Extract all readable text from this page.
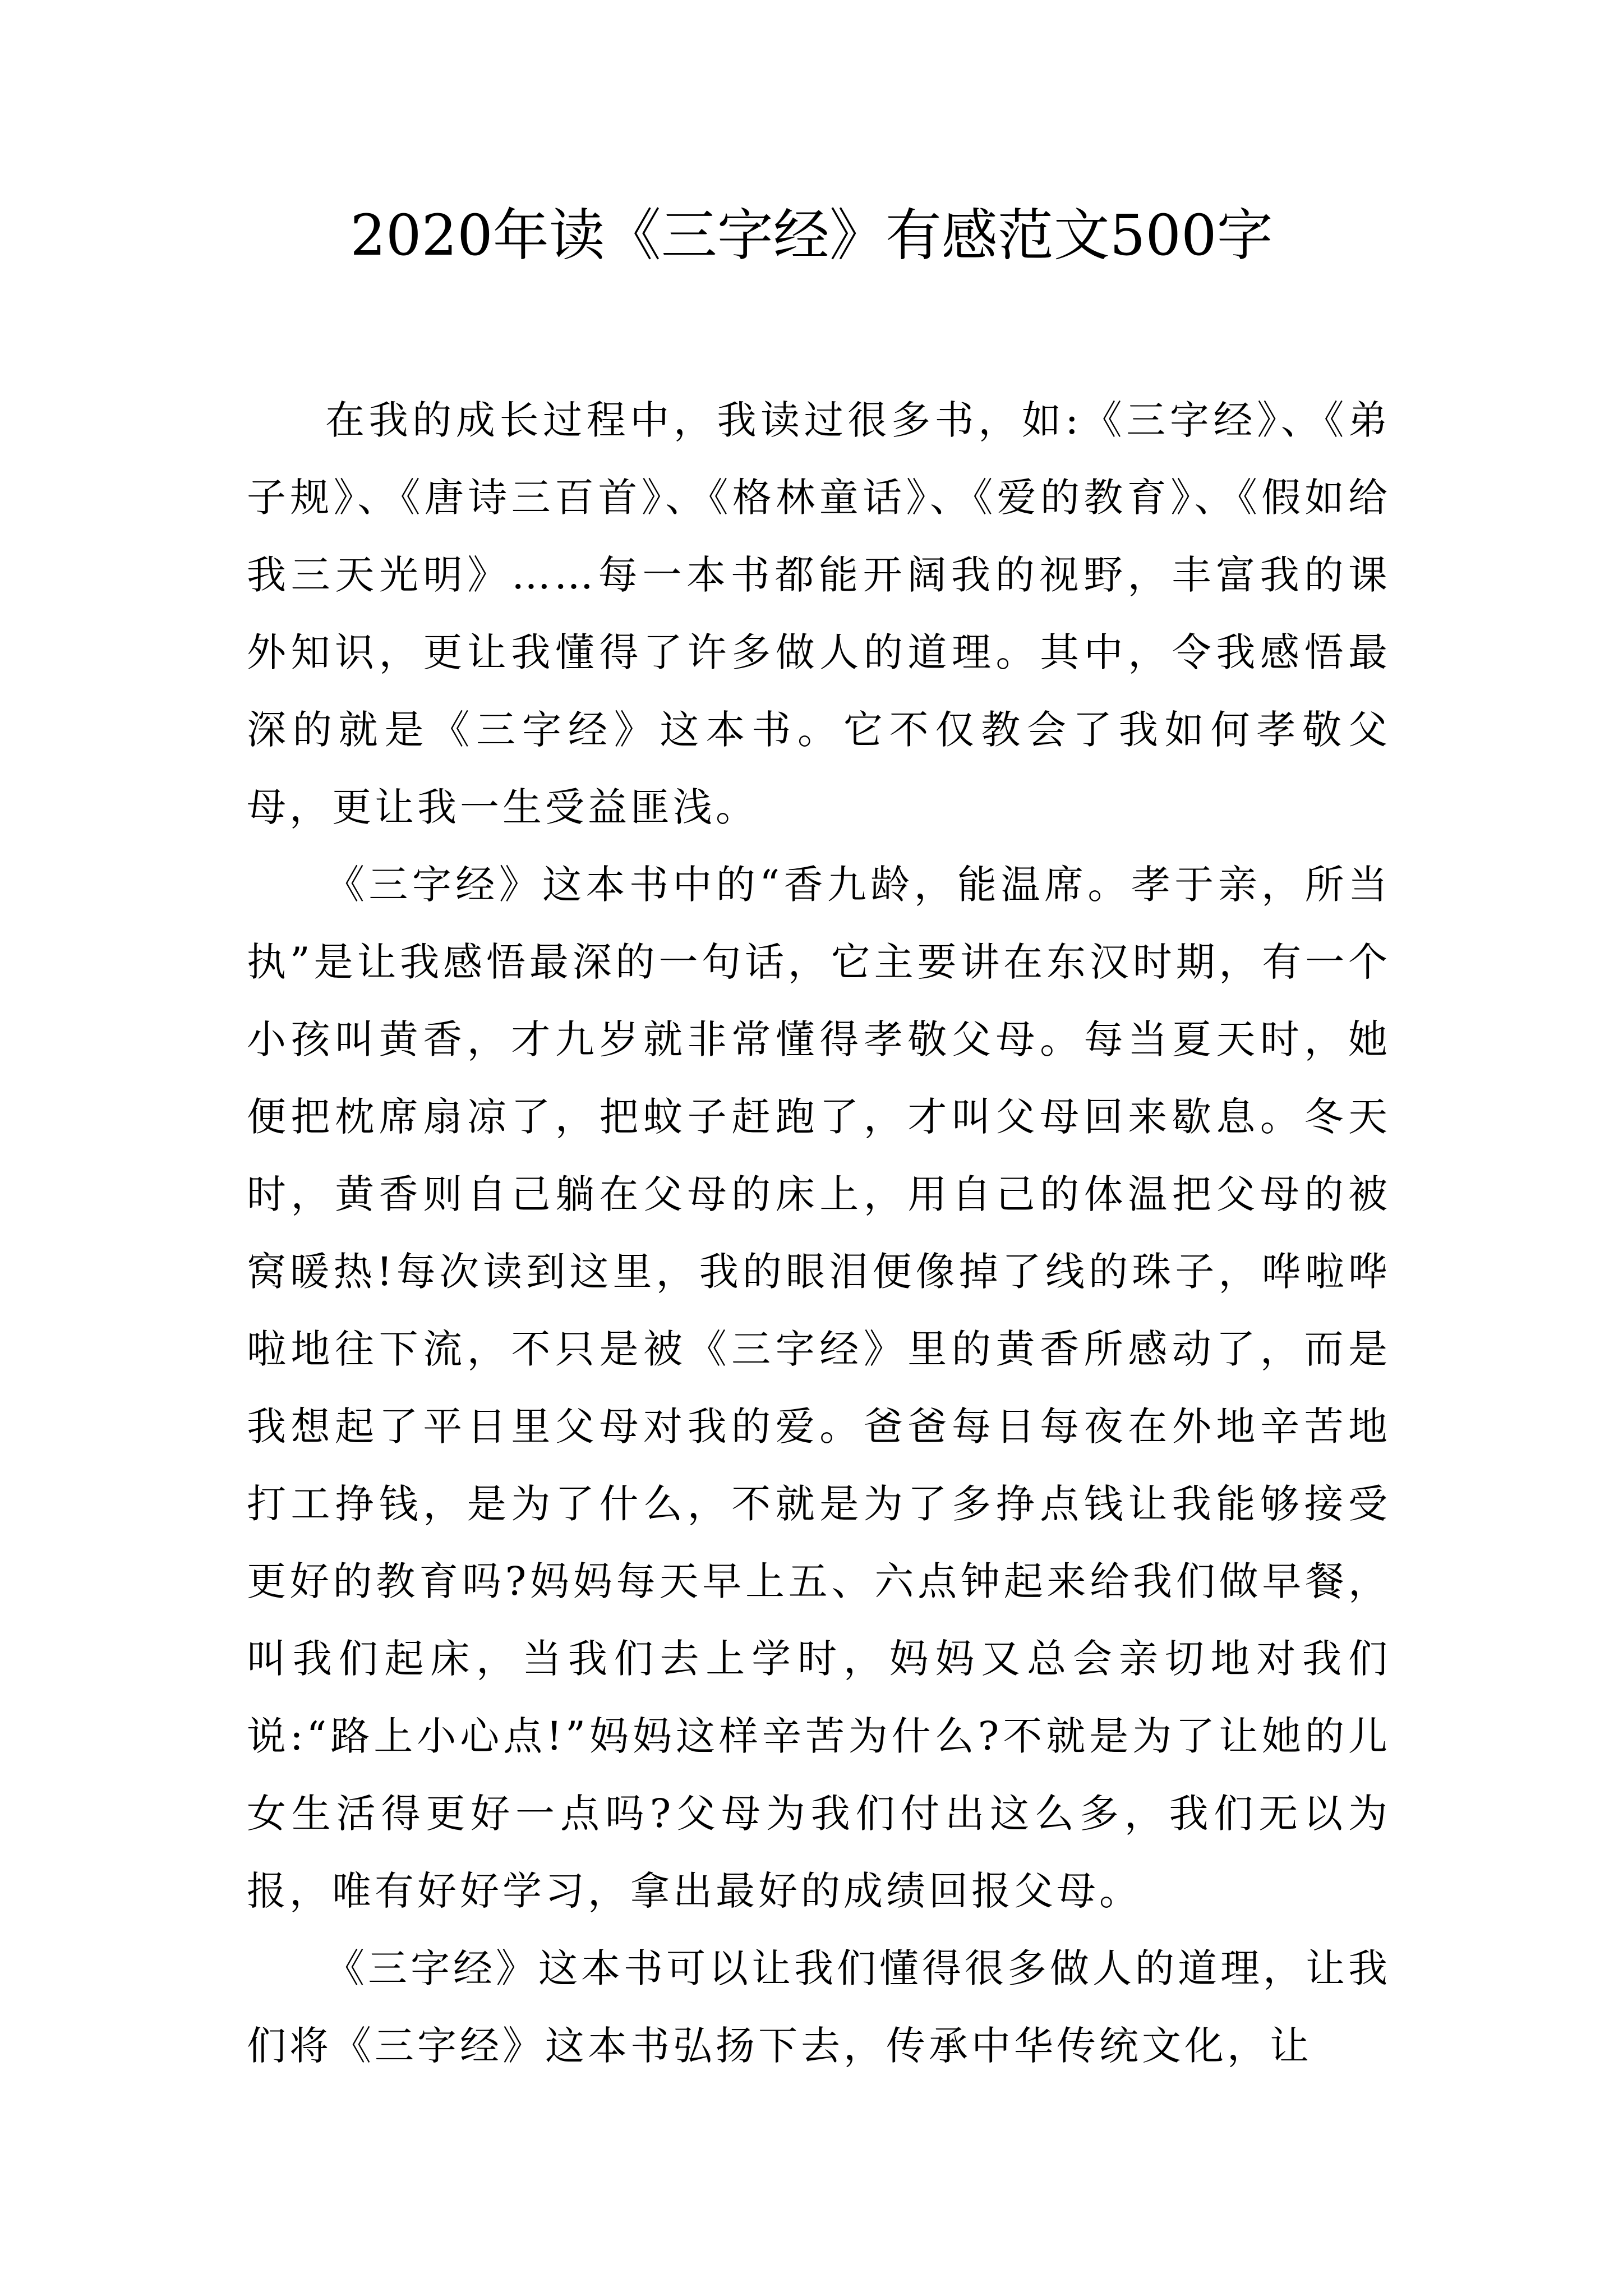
2020年读《三字经》有感范文500字

在我的成长过程中，我读过很多书，如:《三字经》、《弟子规》、《唐诗三百首》、《格林童话》、《爱的教育》、《假如给我三天光明》……每一本书都能开阔我的视野，丰富我的课外知识，更让我懂得了许多做人的道理。其中，令我感悟最深的就是《三字经》这本书。它不仅教会了我如何孝敬父母，更让我一生受益匪浅。

《三字经》这本书中的“香九龄，能温席。孝于亲，所当执”是让我感悟最深的一句话，它主要讲在东汉时期，有一个小孩叫黄香，才九岁就非常懂得孝敬父母。每当夏天时，她便把枕席扇凉了，把蚊子赶跑了，才叫父母回来歇息。冬天时，黄香则自己躺在父母的床上，用自己的体温把父母的被窝暖热!每次读到这里，我的眼泪便像掉了线的珠子，哗啦哗啦地往下流，不只是被《三字经》里的黄香所感动了，而是我想起了平日里父母对我的爱。爸爸每日每夜在外地辛苦地打工挣钱，是为了什么，不就是为了多挣点钱让我能够接受更好的教育吗?妈妈每天早上五、六点钟起来给我们做早餐，叫我们起床，当我们去上学时，妈妈又总会亲切地对我们说:“路上小心点!”妈妈这样辛苦为什么?不就是为了让她的儿女生活得更好一点吗?父母为我们付出这么多，我们无以为报，唯有好好学习，拿出最好的成绩回报父母。

《三字经》这本书可以让我们懂得很多做人的道理，让我们将《三字经》这本书弘扬下去，传承中华传统文化，让
